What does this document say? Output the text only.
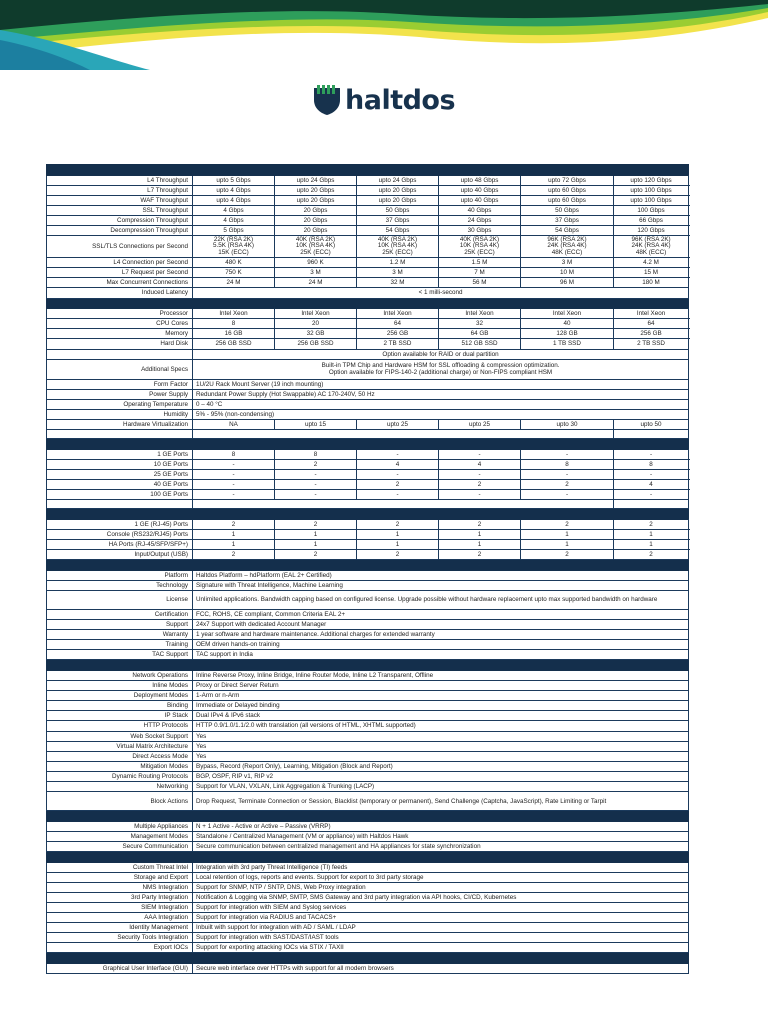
haltdos

L4 Throughput	upto 5 Gbps	upto 24 Gbps	upto 24 Gbps	upto 48 Gbps	upto 72 Gbps	upto 120 Gbps
L7 Throughput	upto 4 Gbps	upto 20 Gbps	upto 20 Gbps	upto 40 Gbps	upto 60 Gbps	upto 100 Gbps
WAF Throughput	upto 4 Gbps	upto 20 Gbps	upto 20 Gbps	upto 40 Gbps	upto 60 Gbps	upto 100 Gbps
SSL Throughput	4 Gbps	20 Gbps	50 Gbps	40 Gbps	50 Gbps	100 Gbps
Compression Throughput	4 Gbps	20 Gbps	37 Gbps	24 Gbps	37 Gbps	66 Gbps
Decompression Throughput	5 Gbps	20 Gbps	54 Gbps	30 Gbps	54 Gbps	120 Gbps
SSL/TLS Connections per Second	22K (RSA 2K)
5.5K (RSA 4K)
15K (ECC)	40K (RSA 2K)
10K (RSA 4K)
25K (ECC)	40K (RSA 2K)
10K (RSA 4K)
25K (ECC)	40K (RSA 2K)
10K (RSA 4K)
25K (ECC)	96K (RSA 2K)
24K (RSA 4K)
48K (ECC)	96K (RSA 2K)
24K (RSA 4K)
48K (ECC)
L4 Connection per Second	480 K	960 K	1.2 M	1.5 M	3 M	4.2 M
L7 Request per Second	750 K	3 M	3 M	7 M	10 M	15 M
Max Concurrent Connections	24 M	24 M	32 M	56 M	96 M	180 M
Induced Latency	< 1 milli-second					

Processor	Intel Xeon	Intel Xeon	Intel Xeon	Intel Xeon	Intel Xeon	Intel Xeon
CPU Cores	8	20	64	32	40	64
Memory	16 GB	32 GB	256 GB	64 GB	128 GB	256 GB
Hard Disk	256 GB SSD	256 GB SSD	2 TB SSD	512 GB SSD	1 TB SSD	2 TB SSD
	Option available for RAID or dual partition					
Additional Specs	Built-in TPM Chip and Hardware HSM for SSL offloading & compression optimization. Option available for FIPS-140-2 (additional charge) or Non-FIPS compliant HSM					
Form Factor	1U/2U Rack Mount Server (19 inch mounting)					
Power Supply	Redundant Power Supply (Hot Swappable) AC 170-240V, 50 Hz					
Operating Temperature	0 – 40 °C					
Humidity	5% - 95% (non-condensing)					
Hardware Virtualization	NA	upto 15	upto 25	upto 25	upto 30	upto 50

1 GE Ports	8	8	-	-	-	-
10 GE Ports	-	2	4	4	8	8
25 GE Ports	-	-	-	-	-	-
40 GE Ports	-	-	2	2	2	4
100 GE Ports	-	-	-	-	-	-

1 GE (RJ-45) Ports	2	2	2	2	2	2
Console (RS232/RJ45) Ports	1	1	1	1	1	1
HA Ports (RJ-45/SFP/SFP+)	1	1	1	1	1	1
Input/Output (USB)	2	2	2	2	2	2

Platform	Haltdos Platform – hdPlatform (EAL 2+ Certified)					
Technology	Signature with Threat Intelligence, Machine Learning					
License	Unlimited applications. Bandwidth capping based on configured license. Upgrade possible without hardware replacement upto max supported bandwidth on hardware					
Certification	FCC, ROHS, CE compliant, Common Criteria EAL 2+					
Support	24x7 Support with dedicated Account Manager					
Warranty	1 year software and hardware maintenance. Additional charges for extended warranty					
Training	OEM driven hands-on training					
TAC Support	TAC support in India					

Network Operations	Inline Reverse Proxy, Inline Bridge, Inline Router Mode, Inline L2 Transparent, Offline					
Inline Modes	Proxy or Direct Server Return					
Deployment Modes	1-Arm or n-Arm					
Binding	Immediate or Delayed binding					
IP Stack	Dual IPv4 & IPv6 stack					
HTTP Protocols	HTTP 0.9/1.0/1.1/2.0 with translation (all versions of HTML, XHTML supported)					
Web Socket Support	Yes					
Virtual Matrix Architecture	Yes					
Direct Access Mode	Yes					
Mitigation Modes	Bypass, Record (Report Only), Learning, Mitigation (Block and Report)					
Dynamic Routing Protocols	BGP, OSPF, RIP v1, RIP v2					
Networking	Support for VLAN, VXLAN, Link Aggregation & Trunking (LACP)					
Block Actions	Drop Request, Terminate Connection or Session, Blacklist (temporary or permanent), Send Challenge (Captcha, JavaScript), Rate Limiting or Tarpit					

Multiple Appliances	N + 1 Active - Active or Active – Passive (VRRP)					
Management Modes	Standalone / Centralized Management (VM or appliance) with Haltdos Hawk					
Secure Communication	Secure communication between centralized management and HA appliances for state synchronization					

Custom Threat Intel	Integration with 3rd party Threat Intelligence (TI) feeds					
Storage and Export	Local retention of logs, reports and events. Support for export to 3rd party storage					
NMS Integration	Support for SNMP, NTP / SNTP, DNS, Web Proxy integration					
3rd Party Integration	Notification & Logging via SNMP, SMTP, SMS Gateway and 3rd party integration via API hooks, CI/CD, Kubernetes					
SIEM Integration	Support for integration with SIEM and Syslog services					
AAA Integration	Support for integration via RADIUS and TACACS+					
Identity Management	Inbuilt with support for integration with AD / SAML / LDAP					
Security Tools Integration	Support for integration with SAST/DAST/IAST tools					
Export IOCs	Support for exporting attacking IOCs via STIX / TAXII					

Graphical User Interface (GUI)	Secure web interface over HTTPs with support for all modern browsers					
